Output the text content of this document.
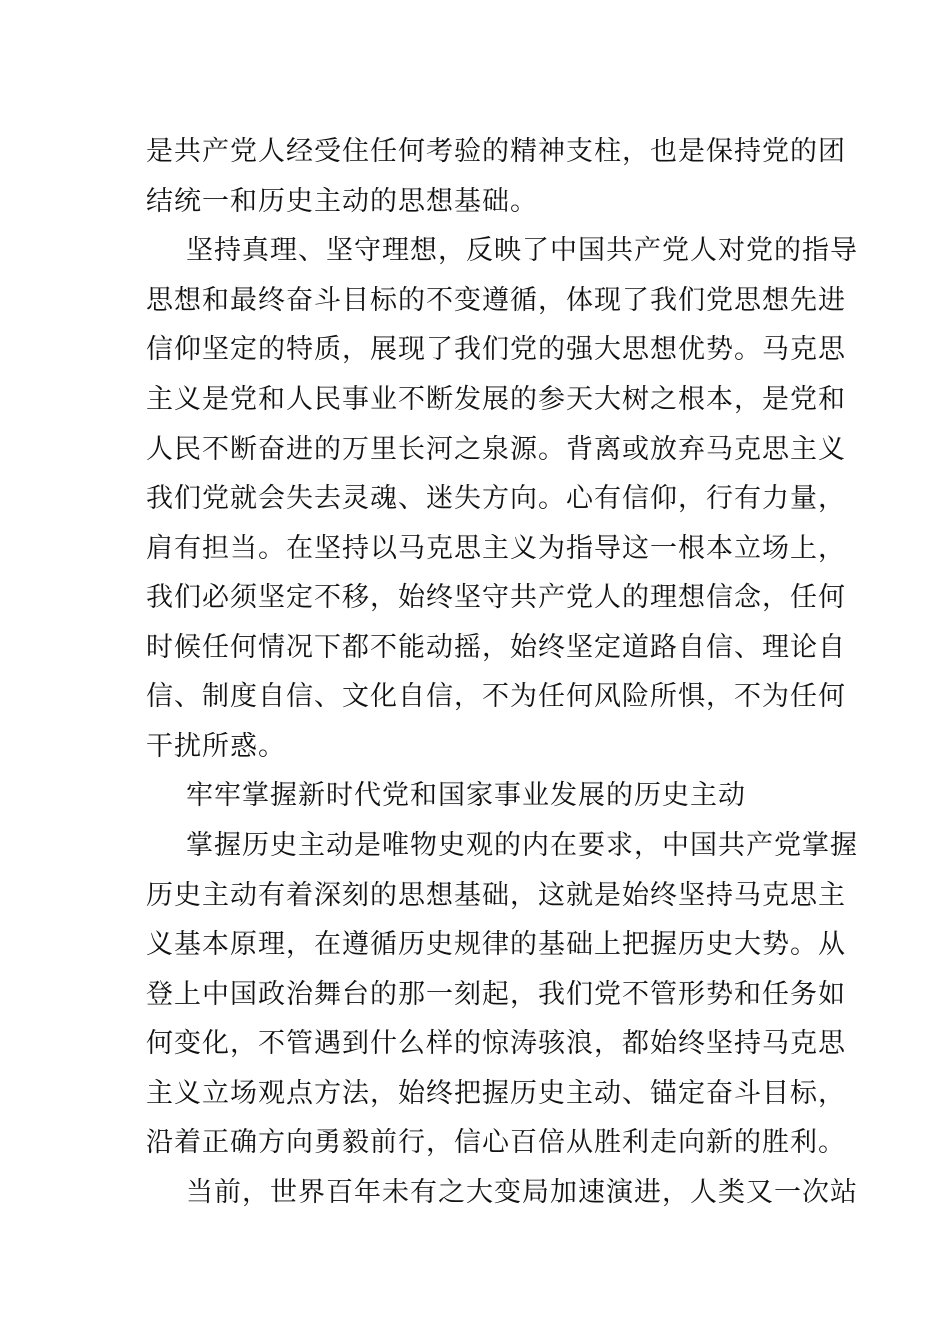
是共产党人经受住任何考验的精神支柱，也是保持党的团
结统一和历史主动的思想基础。
坚持真理、坚守理想，反映了中国共产党人对党的指导
思想和最终奋斗目标的不变遵循，体现了我们党思想先进
信仰坚定的特质，展现了我们党的强大思想优势。马克思
主义是党和人民事业不断发展的参天大树之根本，是党和
人民不断奋进的万里长河之泉源。背离或放弃马克思主义
我们党就会失去灵魂、迷失方向。心有信仰，行有力量，
肩有担当。在坚持以马克思主义为指导这一根本立场上，
我们必须坚定不移，始终坚守共产党人的理想信念，任何
时候任何情况下都不能动摇，始终坚定道路自信、理论自
信、制度自信、文化自信，不为任何风险所惧，不为任何
干扰所惑。
牢牢掌握新时代党和国家事业发展的历史主动
掌握历史主动是唯物史观的内在要求，中国共产党掌握
历史主动有着深刻的思想基础，这就是始终坚持马克思主
义基本原理，在遵循历史规律的基础上把握历史大势。从
登上中国政治舞台的那一刻起，我们党不管形势和任务如
何变化，不管遇到什么样的惊涛骇浪，都始终坚持马克思
主义立场观点方法，始终把握历史主动、锚定奋斗目标，
沿着正确方向勇毅前行，信心百倍从胜利走向新的胜利。
当前，世界百年未有之大变局加速演进，人类又一次站
